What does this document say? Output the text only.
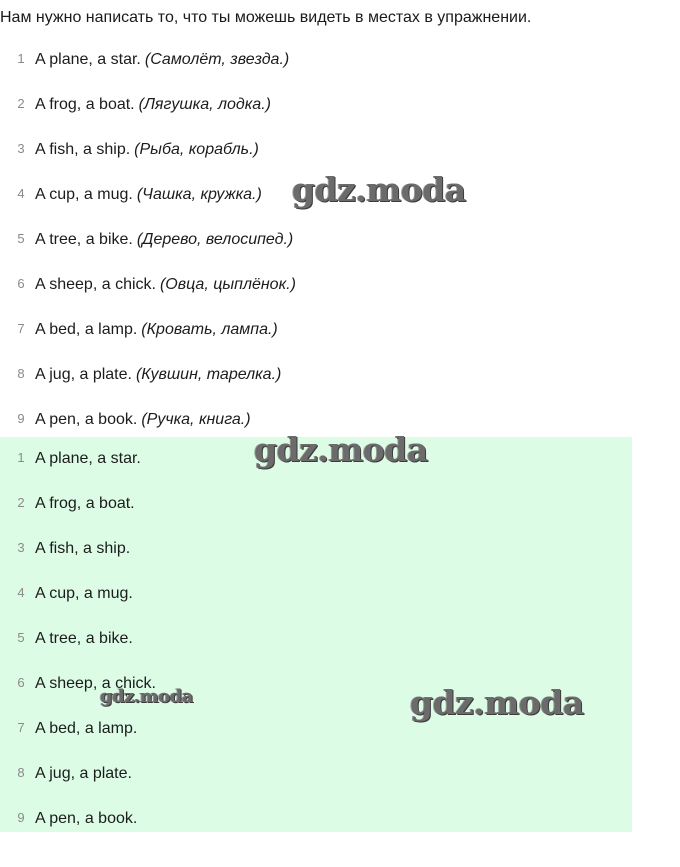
Нам нужно написать то, что ты можешь видеть в местах в упражнении.
1 A plane, a star. (Самолёт, звезда.)
2 A frog, a boat. (Лягушка, лодка.)
3 A fish, a ship. (Рыба, корабль.)
4 A cup, a mug. (Чашка, кружка.)
5 A tree, a bike. (Дерево, велосипед.)
6 A sheep, a chick. (Овца, цыплёнок.)
7 A bed, a lamp. (Кровать, лампа.)
8 A jug, a plate. (Кувшин, тарелка.)
9 A pen, a book. (Ручка, книга.)
1 A plane, a star.
2 A frog, a boat.
3 A fish, a ship.
4 A cup, a mug.
5 A tree, a bike.
6 A sheep, a chick.
7 A bed, a lamp.
8 A jug, a plate.
9 A pen, a book.
gdz.moda
gdz.moda
gdz.moda
gdz.moda
